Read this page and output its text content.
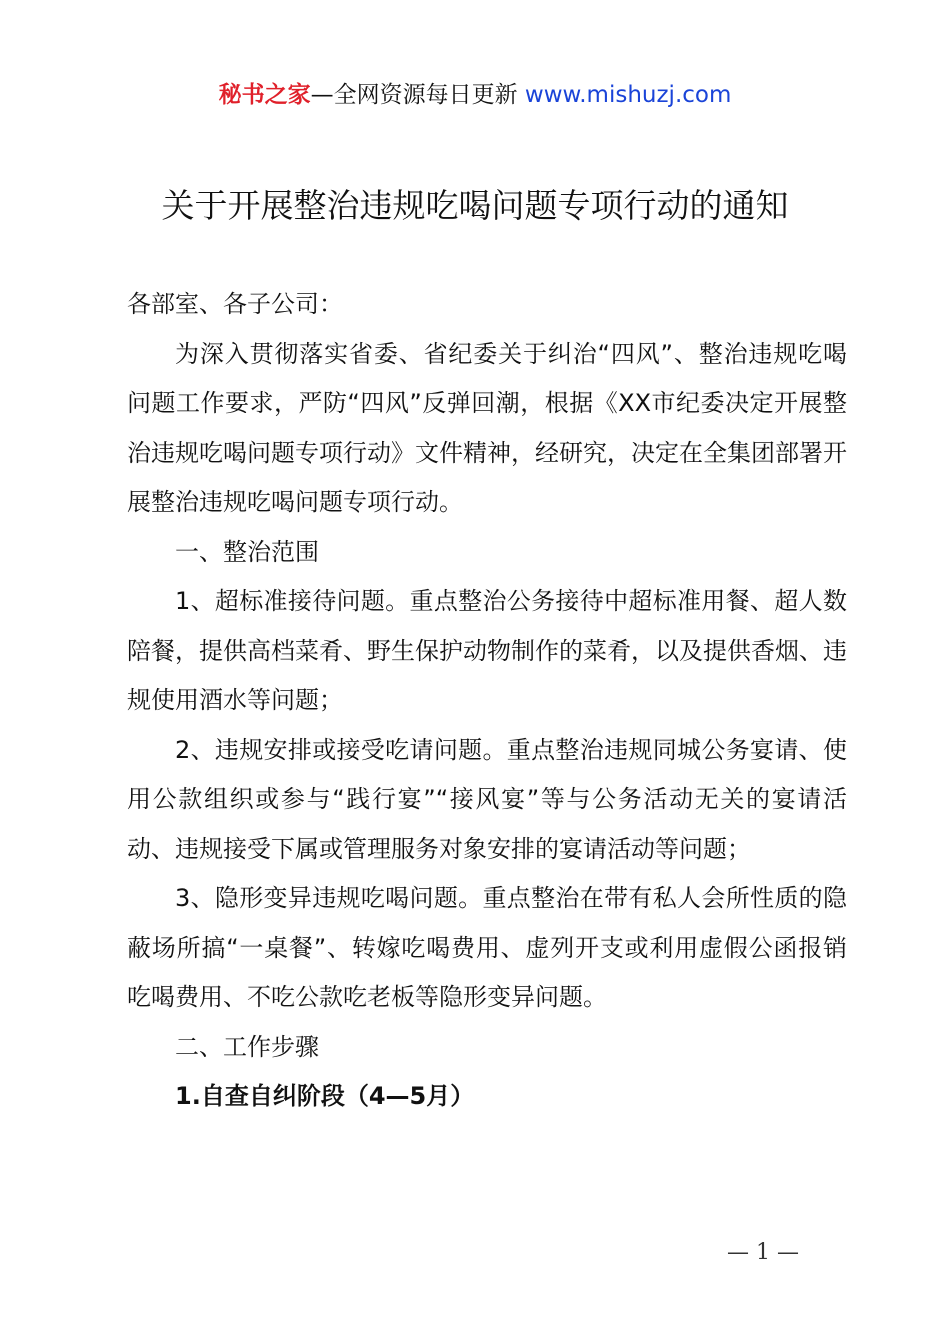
秘书之家—全网资源每日更新 www.mishuzj.com
关于开展整治违规吃喝问题专项行动的通知

各部室、各子公司：

为深入贯彻落实省委、省纪委关于纠治“四风”、整治违规吃喝问题工作要求，严防“四风”反弹回潮，根据《XX市纪委决定开展整治违规吃喝问题专项行动》文件精神，经研究，决定在全集团部署开展整治违规吃喝问题专项行动。

一、整治范围

1、超标准接待问题。重点整治公务接待中超标准用餐、超人数陪餐，提供高档菜肴、野生保护动物制作的菜肴，以及提供香烟、违规使用酒水等问题；

2、违规安排或接受吃请问题。重点整治违规同城公务宴请、使用公款组织或参与“践行宴”“接风宴”等与公务活动无关的宴请活动、违规接受下属或管理服务对象安排的宴请活动等问题；

3、隐形变异违规吃喝问题。重点整治在带有私人会所性质的隐蔽场所搞“一桌餐”、转嫁吃喝费用、虚列开支或利用虚假公函报销吃喝费用、不吃公款吃老板等隐形变异问题。

二、工作步骤

1.自查自纠阶段（4—5月）

— 1 —
